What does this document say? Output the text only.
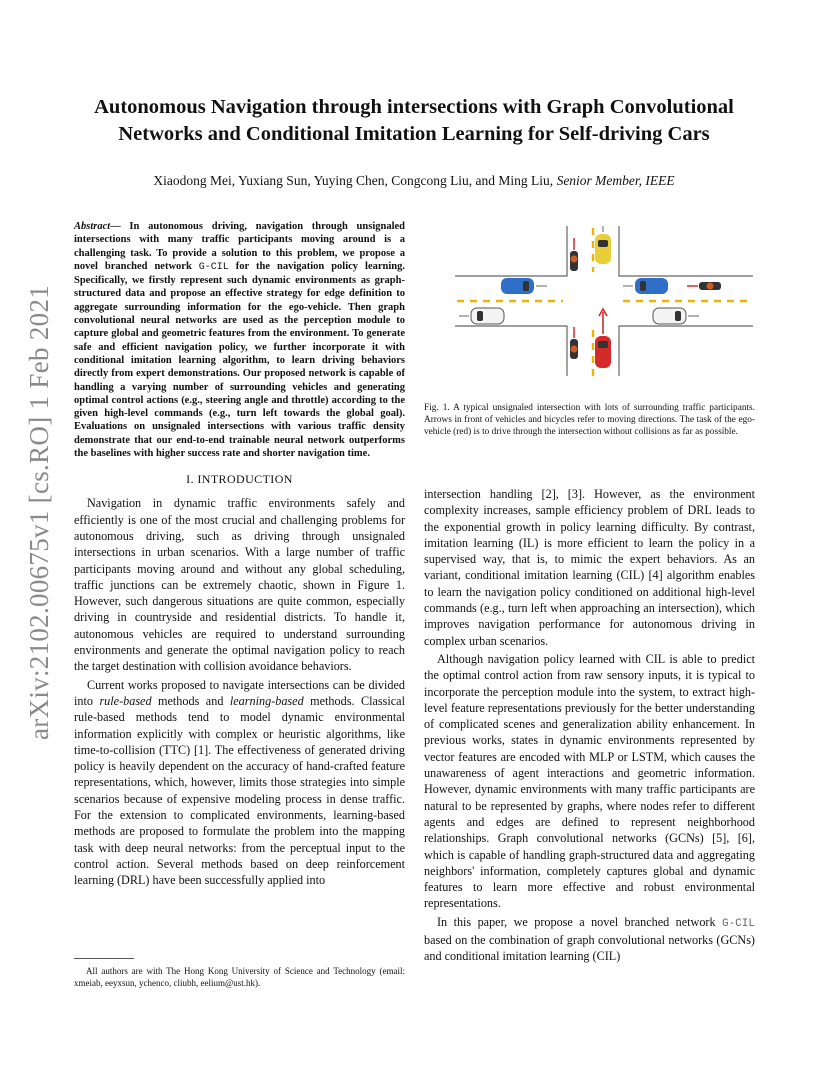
Autonomous Navigation through intersections with Graph Convolutional Networks and Conditional Imitation Learning for Self-driving Cars
Xiaodong Mei, Yuxiang Sun, Yuying Chen, Congcong Liu, and Ming Liu, Senior Member, IEEE
arXiv:2102.00675v1 [cs.RO] 1 Feb 2021

Abstract— In autonomous driving, navigation through unsignaled intersections with many traffic participants moving around is a challenging task. To provide a solution to this problem, we propose a novel branched network G-CIL for the navigation policy learning. Specifically, we firstly represent such dynamic environments as graph-structured data and propose an effective strategy for edge definition to aggregate surrounding information for the ego-vehicle. Then graph convolutional neural networks are used as the perception module to capture global and geometric features from the environment. To generate safe and efficient navigation policy, we further incorporate it with conditional imitation learning algorithm, to learn driving behaviors directly from expert demonstrations. Our proposed network is capable of handling a varying number of surrounding vehicles and generating optimal control actions (e.g., steering angle and throttle) according to the given high-level commands (e.g., turn left towards the global goal). Evaluations on unsignaled intersections with various traffic density demonstrate that our end-to-end trainable neural network outperforms the baselines with higher success rate and shorter navigation time.

I. INTRODUCTION

Navigation in dynamic traffic environments safely and efficiently is one of the most crucial and challenging problems for autonomous driving, such as driving through unsignaled intersections in urban scenarios. With a large number of traffic participants moving around and without any global scheduling, traffic junctions can be extremely chaotic, shown in Figure 1. However, such dangerous situations are quite common, especially driving in countryside and residential districts. To handle it, autonomous vehicles are required to understand surrounding environments and generate the optimal navigation policy to reach the target destination with collision avoidance behaviors.

Current works proposed to navigate intersections can be divided into rule-based methods and learning-based methods. Classical rule-based methods tend to model dynamic environmental information explicitly with complex or heuristic algorithms, like time-to-collision (TTC) [1]. The effectiveness of generated driving policy is heavily dependent on the accuracy of hand-crafted feature representations, which, however, limits those strategies into simple scenarios because of expensive modeling process in dense traffic. For the extension to complicated environments, learning-based methods are proposed to formulate the problem into the mapping task with deep neural networks: from the perceptual input to the control action. Several methods based on deep reinforcement learning (DRL) have been successfully applied into

All authors are with The Hong Kong University of Science and Technology (email: xmeiab, eeyxsun, ychenco, cliubh, eelium@ust.hk).
Fig. 1. A typical unsignaled intersection with lots of surrounding traffic participants. Arrows in front of vehicles and bicycles refer to moving directions. The task of the ego-vehicle (red) is to drive through the intersection without collisions as far as possible.

intersection handling [2], [3]. However, as the environment complexity increases, sample efficiency problem of DRL leads to the exponential growth in policy learning difficulty. By contrast, imitation learning (IL) is more efficient to learn the policy in a supervised way, that is, to mimic the expert behaviors. As an variant, conditional imitation learning (CIL) [4] algorithm enables to learn the navigation policy conditioned on additional high-level commands (e.g., turn left when approaching an intersection), which improves navigation performance for autonomous driving in complex urban scenarios.

Although navigation policy learned with CIL is able to predict the optimal control action from raw sensory inputs, it is typical to incorporate the perception module into the system, to extract high-level feature representations previously for the better understanding of complicated scenes and generalization ability enhancement. In previous works, states in dynamic environments represented by vector features are encoded with MLP or LSTM, which causes the unawareness of agent interactions and geometric information. However, dynamic environments with many traffic participants are natural to be represented by graphs, where nodes refer to different agents and edges are defined to represent neighborhood relationships. Graph convolutional networks (GCNs) [5], [6], which is capable of handling graph-structured data and aggregating neighbors' information, completely captures global and dynamic features to learn more effective and robust environmental representations.

In this paper, we propose a novel branched network G-CIL based on the combination of graph convolutional networks (GCNs) and conditional imitation learning (CIL)
